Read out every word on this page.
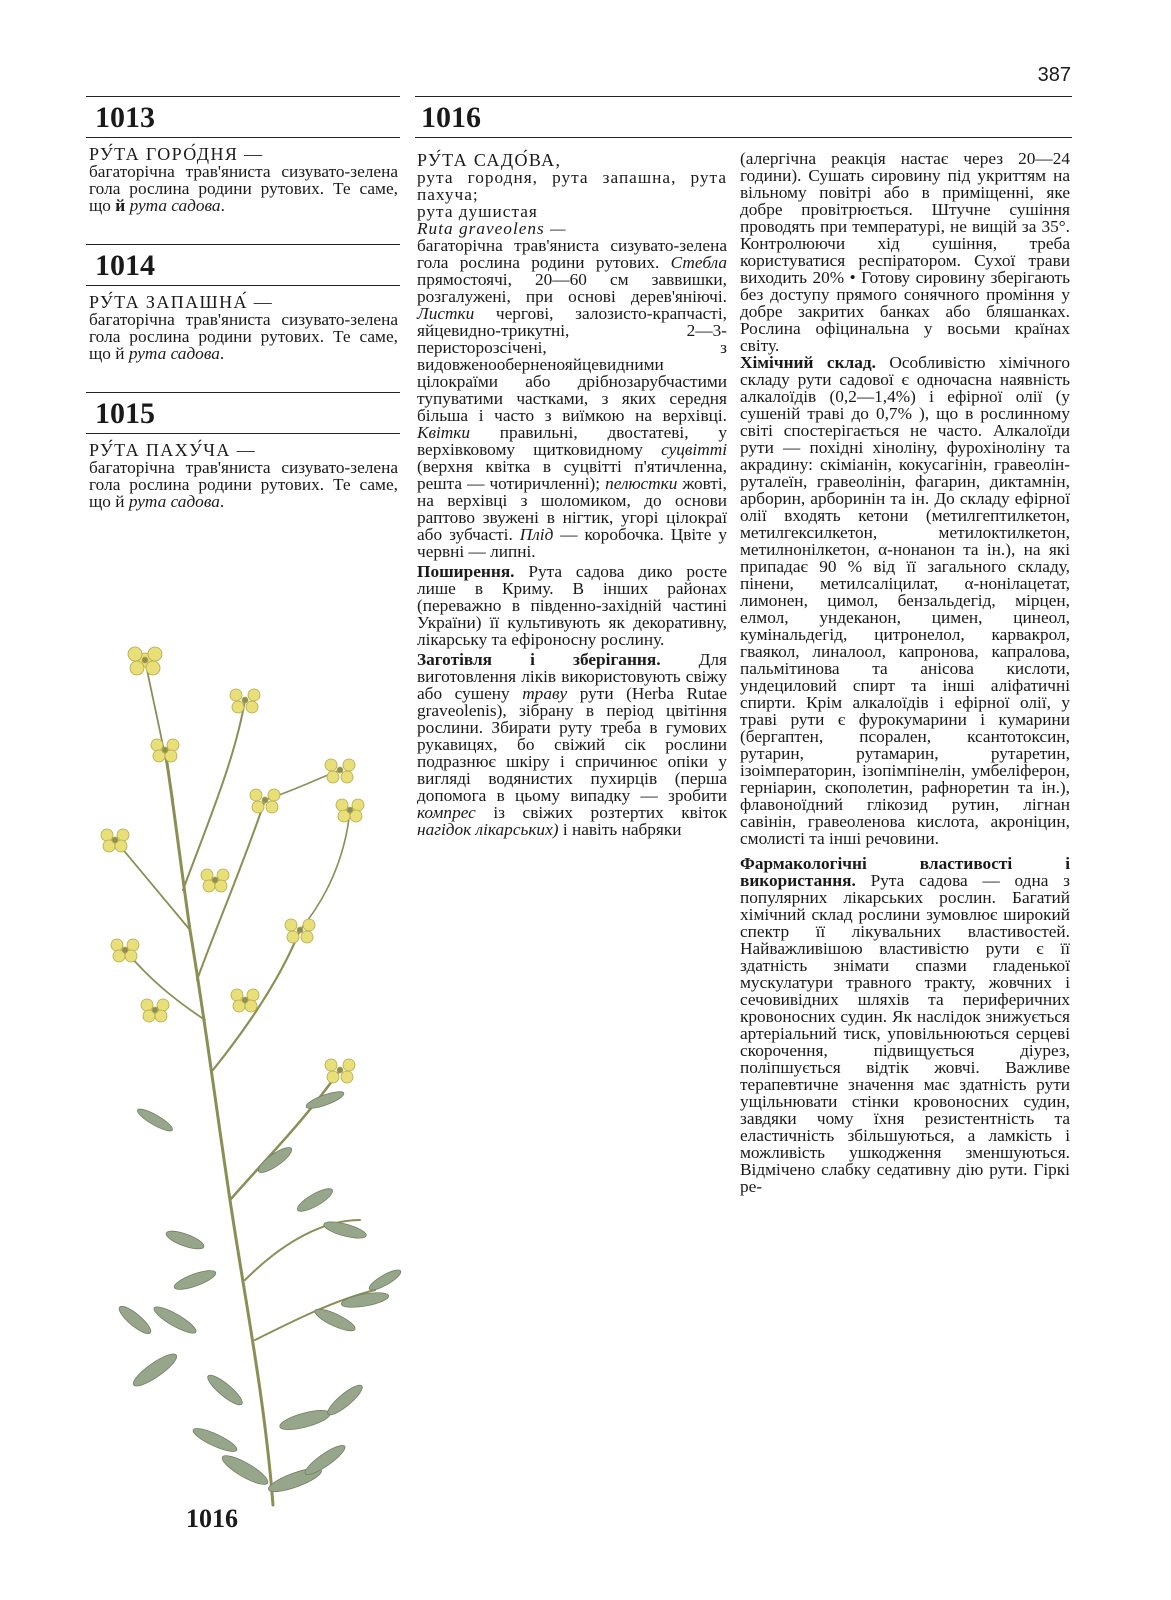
387
1013

РУ́ТА ГОРО́ДНЯ —
багаторічна трав'яниста сизувато-зелена гола рослина родини рутових. Те саме, що й рута садова.

1014

РУ́ТА ЗАПАШНА́ —
багаторічна трав'яниста сизувато-зелена гола рослина родини рутових. Те саме, що й рута садова.

1015

РУ́ТА ПАХУ́ЧА —
багаторічна трав'яниста сизувато-зелена гола рослина родини рутових. Те саме, що й рута садова.

1016

РУ́ТА САДО́ВА,
рута городня, рута запашна, рута пахуча;
рута душистая
Ruta graveolens —
багаторічна трав'яниста сизувато-зелена гола рослина родини рутових. Стебла прямостоячі, 20—60 см заввишки, розгалужені, при основі дерев'яніючі. Листки чергові, залозисто-крапчасті, яйцевидно-трикутні, 2—3-перисторозсічені, з видовженооберненояйцевидними цілокраїми або дрібнозарубчастими тупуватими частками, з яких середня більша і часто з виїмкою на верхівці. Квітки правильні, двостатеві, у верхівковому щитковидному суцвітті (верхня квітка в суцвітті п'ятичленна, решта — чотиричленні); пелюстки жовті, на верхівці з шоломиком, до основи раптово звужені в нігтик, угорі цілокраї або зубчасті. Плід — коробочка. Цвіте у червні — липні.

Поширення. Рута садова дико росте лише в Криму. В інших районах (переважно в південно-західній частині України) її культивують як декоративну, лікарську та ефіроносну рослину.

Заготівля і зберігання. Для виготовлення ліків використовують свіжу або сушену траву рути (Herba Rutae graveolenis), зібрану в період цвітіння рослини. Збирати руту треба в гумових рукавицях, бо свіжий сік рослини подразнює шкіру і спричинює опіки у вигляді водянистих пухирців (перша допомога в цьому випадку — зробити компрес із свіжих розтертих квіток нагідок лікарських) і навіть набряки

(алергічна реакція настає через 20—24 години). Сушать сировину під укриттям на вільному повітрі або в приміщенні, яке добре провітрюється. Штучне сушіння проводять при температурі, не вищій за 35°. Контролюючи хід сушіння, треба користуватися респіратором. Сухої трави виходить 20% • Готову сировину зберігають без доступу прямого сонячного проміння у добре закритих банках або бляшанках. Рослина офіцинальна у восьми країнах світу.

Хімічний склад. Особливістю хімічного складу рути садової є одночасна наявність алкалоїдів (0,2—1,4%) і ефірної олії (у сушеній траві до 0,7% ), що в рослинному світі спостерігається не часто. Алкалоїди рути — похідні хіноліну, фурохіноліну та акрадину: скіміанін, кокусагінін, гравеолін-руталеїн, гравеолінін, фагарин, диктамнін, арборин, арборинін та ін. До складу ефірної олії входять кетони (метилгептилкетон, метилгексилкетон, метилоктилкетон, метилнонілкетон, α-нонанон та ін.), на які припадає 90 % від її загального складу, пінени, метилсаліцилат, α-нонілацетат, лимонен, цимол, бензальдегід, мірцен, елмол, ундеканон, цимен, цинеол, кумінальдегід, цитронелол, карвакрол, гваякол, линалоол, капронова, капралова, пальмітинова та анісова кислоти, ундециловий спирт та інші аліфатичні спирти. Крім алкалоїдів і ефірної олії, у траві рути є фурокумарини і кумарини (бергаптен, псорален, ксантотоксин, рутарин, рутамарин, рутаретин, ізоімператорин, ізопімпінелін, умбеліферон, герніарин, скополетин, рафноретин та ін.), флавоноїдний глікозид рутин, лігнан савінін, гравеоленова кислота, акроніцин, смолисті та інші речовини.

Фармакологічні властивості і використання. Рута садова — одна з популярних лікарських рослин. Багатий хімічний склад рослини зумовлює широкий спектр її лікувальних властивостей. Найважливішою властивістю рути є її здатність знімати спазми гладенької мускулатури травного тракту, жовчних і сечовивідних шляхів та периферичних кровоносних судин. Як наслідок знижується артеріальний тиск, уповільнюються серцеві скорочення, підвищується діурез, поліпшується відтік жовчі. Важливе терапевтичне значення має здатність рути ущільнювати стінки кровоносних судин, завдяки чому їхня резистентність та еластичність збільшуються, а ламкість і можливість ушкодження зменшуються. Відмічено слабку седативну дію рути. Гіркі ре-

1016
